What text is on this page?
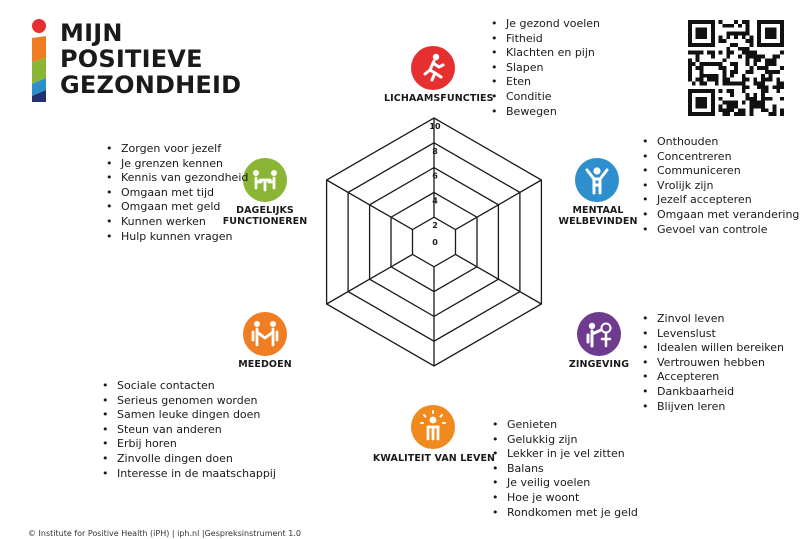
MIJN
POSITIEVE
GEZONDHEID
10
8
6
4
2
0
LICHAAMSFUNCTIES
• Je gezond voelen
• Fitheid
• Klachten en pijn
• Slapen
• Eten
• Conditie
• Bewegen
MENTAAL
WELBEVINDEN
• Onthouden
• Concentreren
• Communiceren
• Vrolijk zijn
• Jezelf accepteren
• Omgaan met verandering
• Gevoel van controle
ZINGEVING
• Zinvol leven
• Levenslust
• Idealen willen bereiken
• Vertrouwen hebben
• Accepteren
• Dankbaarheid
• Blijven leren
KWALITEIT VAN LEVEN
• Genieten
• Gelukkig zijn
• Lekker in je vel zitten
• Balans
• Je veilig voelen
• Hoe je woont
• Rondkomen met je geld
MEEDOEN
• Sociale contacten
• Serieus genomen worden
• Samen leuke dingen doen
• Steun van anderen
• Erbij horen
• Zinvolle dingen doen
• Interesse in de maatschappij
DAGELIJKS
FUNCTIONEREN
• Zorgen voor jezelf
• Je grenzen kennen
• Kennis van gezondheid
• Omgaan met tijd
• Omgaan met geld
• Kunnen werken
• Hulp kunnen vragen
© Institute for Positive Health (iPH) | iph.nl |Gespreksinstrument 1.0
